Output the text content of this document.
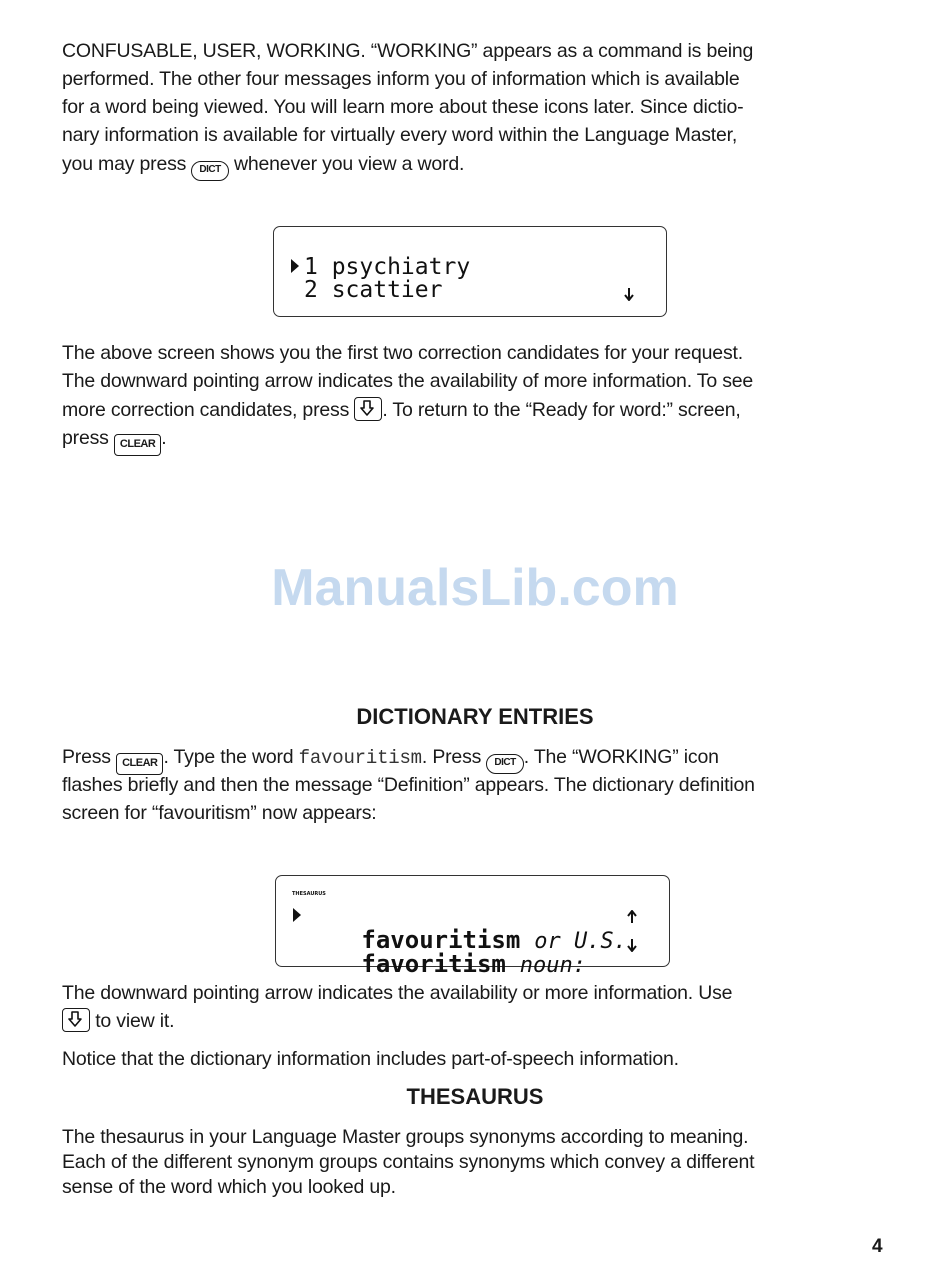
CONFUSABLE, USER, WORKING. “WORKING” appears as a command is being

performed. The other four messages inform you of information which is available

for a word being viewed. You will learn more about these icons later. Since dictio-

nary information is available for virtually every word within the Language Master,

you may press DICT whenever you view a word.

1 psychiatry
2 scattier

The above screen shows you the first two correction candidates for your request.

The downward pointing arrow indicates the availability of more information. To see

more correction candidates, press . To return to the “Ready for word:” screen,

press CLEAR .

ManualsLib.com
DICTIONARY ENTRIES

Press CLEAR . Type the word favouritism. Press DICT . The “WORKING” icon

flashes briefly and then the message “Definition” appears. The dictionary definition

screen for “favouritism” now appears:

THESAURUS

favouritism or U.S.

favoritism noun:

The downward pointing arrow indicates the availability or more information. Use

to view it.

Notice that the dictionary information includes part-of-speech information.

THESAURUS

The thesaurus in your Language Master groups synonyms according to meaning.

Each of the different synonym groups contains synonyms which convey a different

sense of the word which you looked up.

4
